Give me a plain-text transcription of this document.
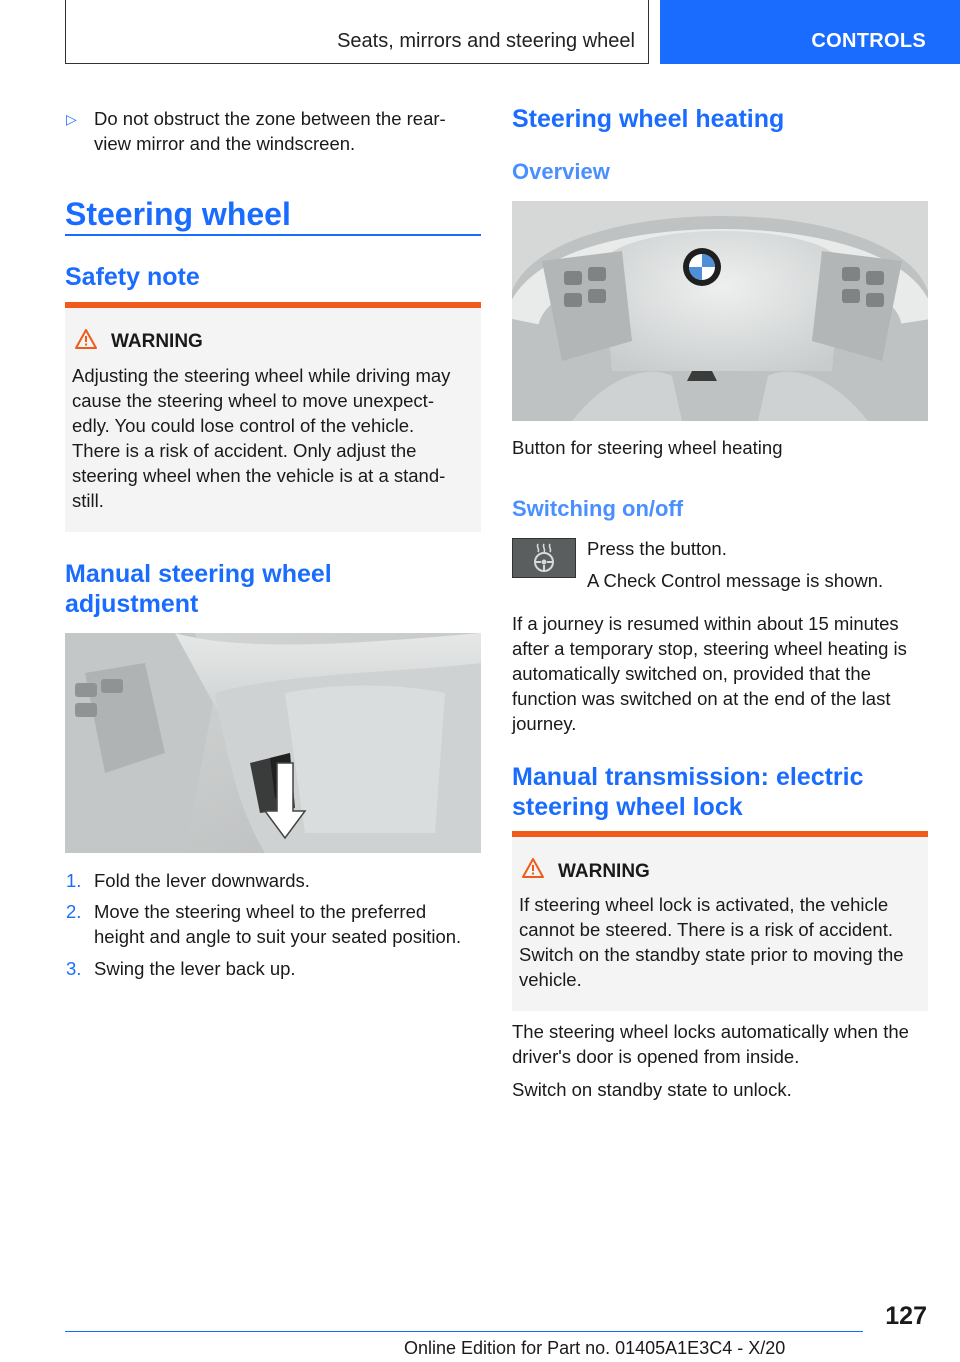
Seats, mirrors and steering wheel	CONTROLS
▷ Do not obstruct the zone between the rear-
view mirror and the windscreen.
Steering wheel
Safety note
WARNING
Adjusting the steering wheel while driving may
cause the steering wheel to move unexpect-
edly. You could lose control of the vehicle.
There is a risk of accident. Only adjust the
steering wheel when the vehicle is at a stand-
still.
Manual steering wheel
adjustment
1. Fold the lever downwards.
2. Move the steering wheel to the preferred
height and angle to suit your seated position.
3. Swing the lever back up.
Steering wheel heating
Overview
Button for steering wheel heating
Switching on/off
Press the button.
A Check Control message is shown.
If a journey is resumed within about 15 minutes
after a temporary stop, steering wheel heating is
automatically switched on, provided that the
function was switched on at the end of the last
journey.
Manual transmission: electric
steering wheel lock
WARNING
If steering wheel lock is activated, the vehicle
cannot be steered. There is a risk of accident.
Switch on the standby state prior to moving the
vehicle.
The steering wheel locks automatically when the
driver's door is opened from inside.
Switch on standby state to unlock.
127
Online Edition for Part no. 01405A1E3C4 - X/20
